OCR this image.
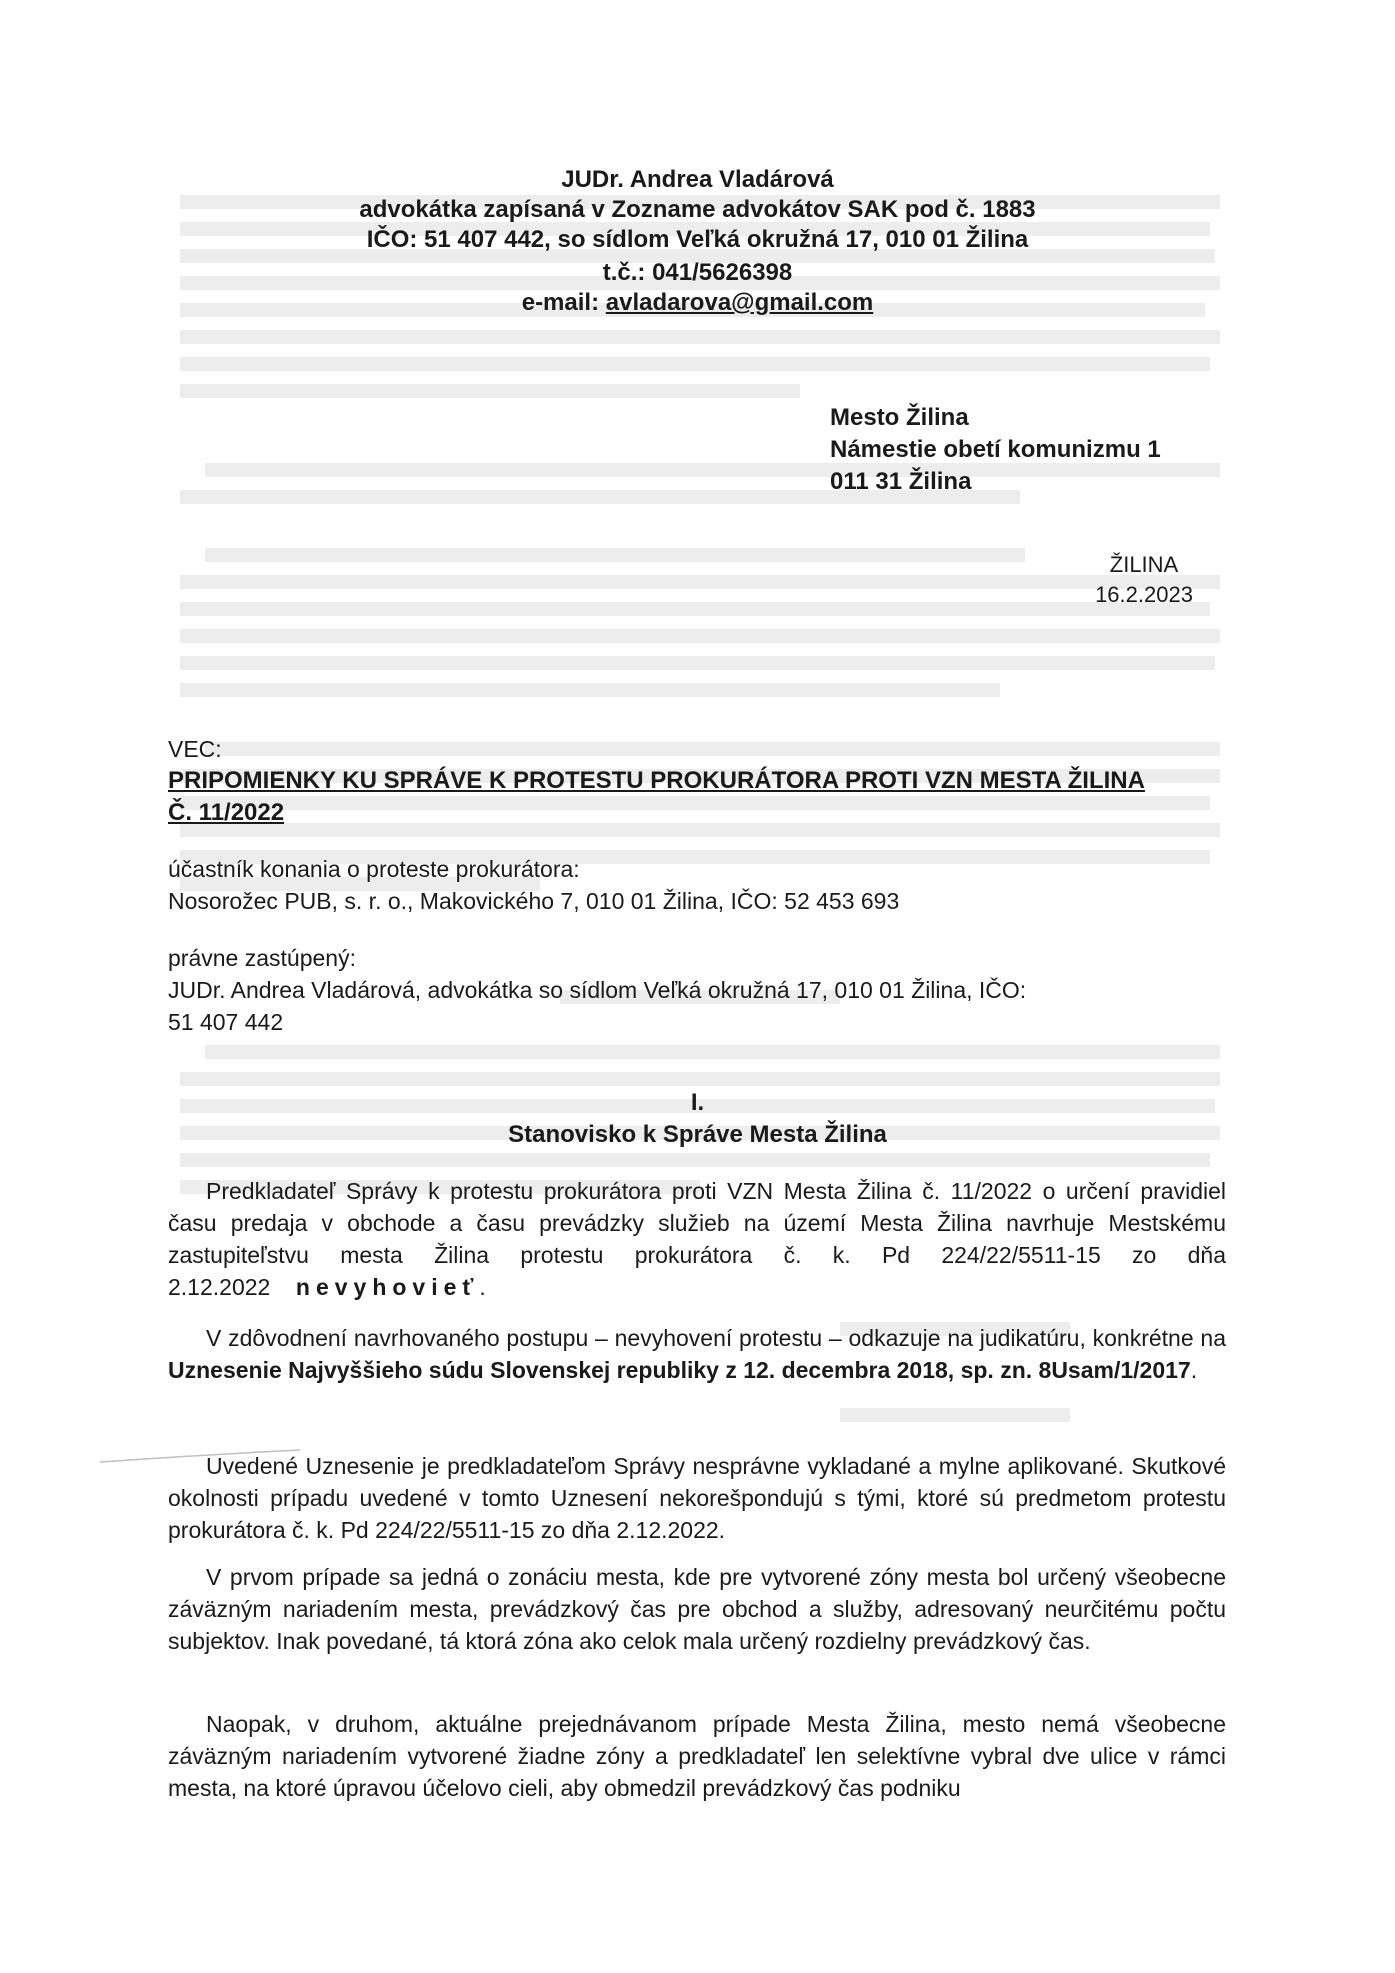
JUDr. Andrea Vladárová
advokátka zapísaná v Zozname advokátov SAK pod č. 1883
IČO: 51 407 442, so sídlom Veľká okružná 17, 010 01 Žilina
t.č.: 041/5626398
e-mail: avladarova@gmail.com
Mesto Žilina
Námestie obetí komunizmu 1
011 31 Žilina
ŽILINA
16.2.2023
VEC:
PRIPOMIENKY KU SPRÁVE K PROTESTU PROKURÁTORA PROTI VZN MESTA ŽILINA
Č. 11/2022
účastník konania o proteste prokurátora:
Nosorožec PUB, s. r. o., Makovického 7, 010 01 Žilina, IČO: 52 453 693
právne zastúpený:
JUDr. Andrea Vladárová, advokátka so sídlom Veľká okružná 17, 010 01 Žilina, IČO:
51 407 442
I.
Stanovisko k Správe Mesta Žilina
Predkladateľ Správy k protestu prokurátora proti VZN Mesta Žilina č. 11/2022 o určení pravidiel času predaja v obchode a času prevádzky služieb na území Mesta Žilina navrhuje Mestskému zastupiteľstvu mesta Žilina protestu prokurátora č. k. Pd 224/22/5511-15 zo dňa 2.12.2022 nevyhovieť.
V zdôvodnení navrhovaného postupu – nevyhovení protestu – odkazuje na judikatúru, konkrétne na Uznesenie Najvyššieho súdu Slovenskej republiky z 12. decembra 2018, sp. zn. 8Usam/1/2017.
Uvedené Uznesenie je predkladateľom Správy nesprávne vykladané a mylne aplikované. Skutkové okolnosti prípadu uvedené v tomto Uznesení nekorešpondujú s tými, ktoré sú predmetom protestu prokurátora č. k. Pd 224/22/5511-15 zo dňa 2.12.2022.
V prvom prípade sa jedná o zonáciu mesta, kde pre vytvorené zóny mesta bol určený všeobecne záväzným nariadením mesta, prevádzkový čas pre obchod a služby, adresovaný neurčitému počtu subjektov. Inak povedané, tá ktorá zóna ako celok mala určený rozdielny prevádzkový čas.
Naopak, v druhom, aktuálne prejednávanom prípade Mesta Žilina, mesto nemá všeobecne záväzným nariadením vytvorené žiadne zóny a predkladateľ len selektívne vybral dve ulice v rámci mesta, na ktoré úpravou účelovo cieli, aby obmedzil prevádzkový čas podniku
